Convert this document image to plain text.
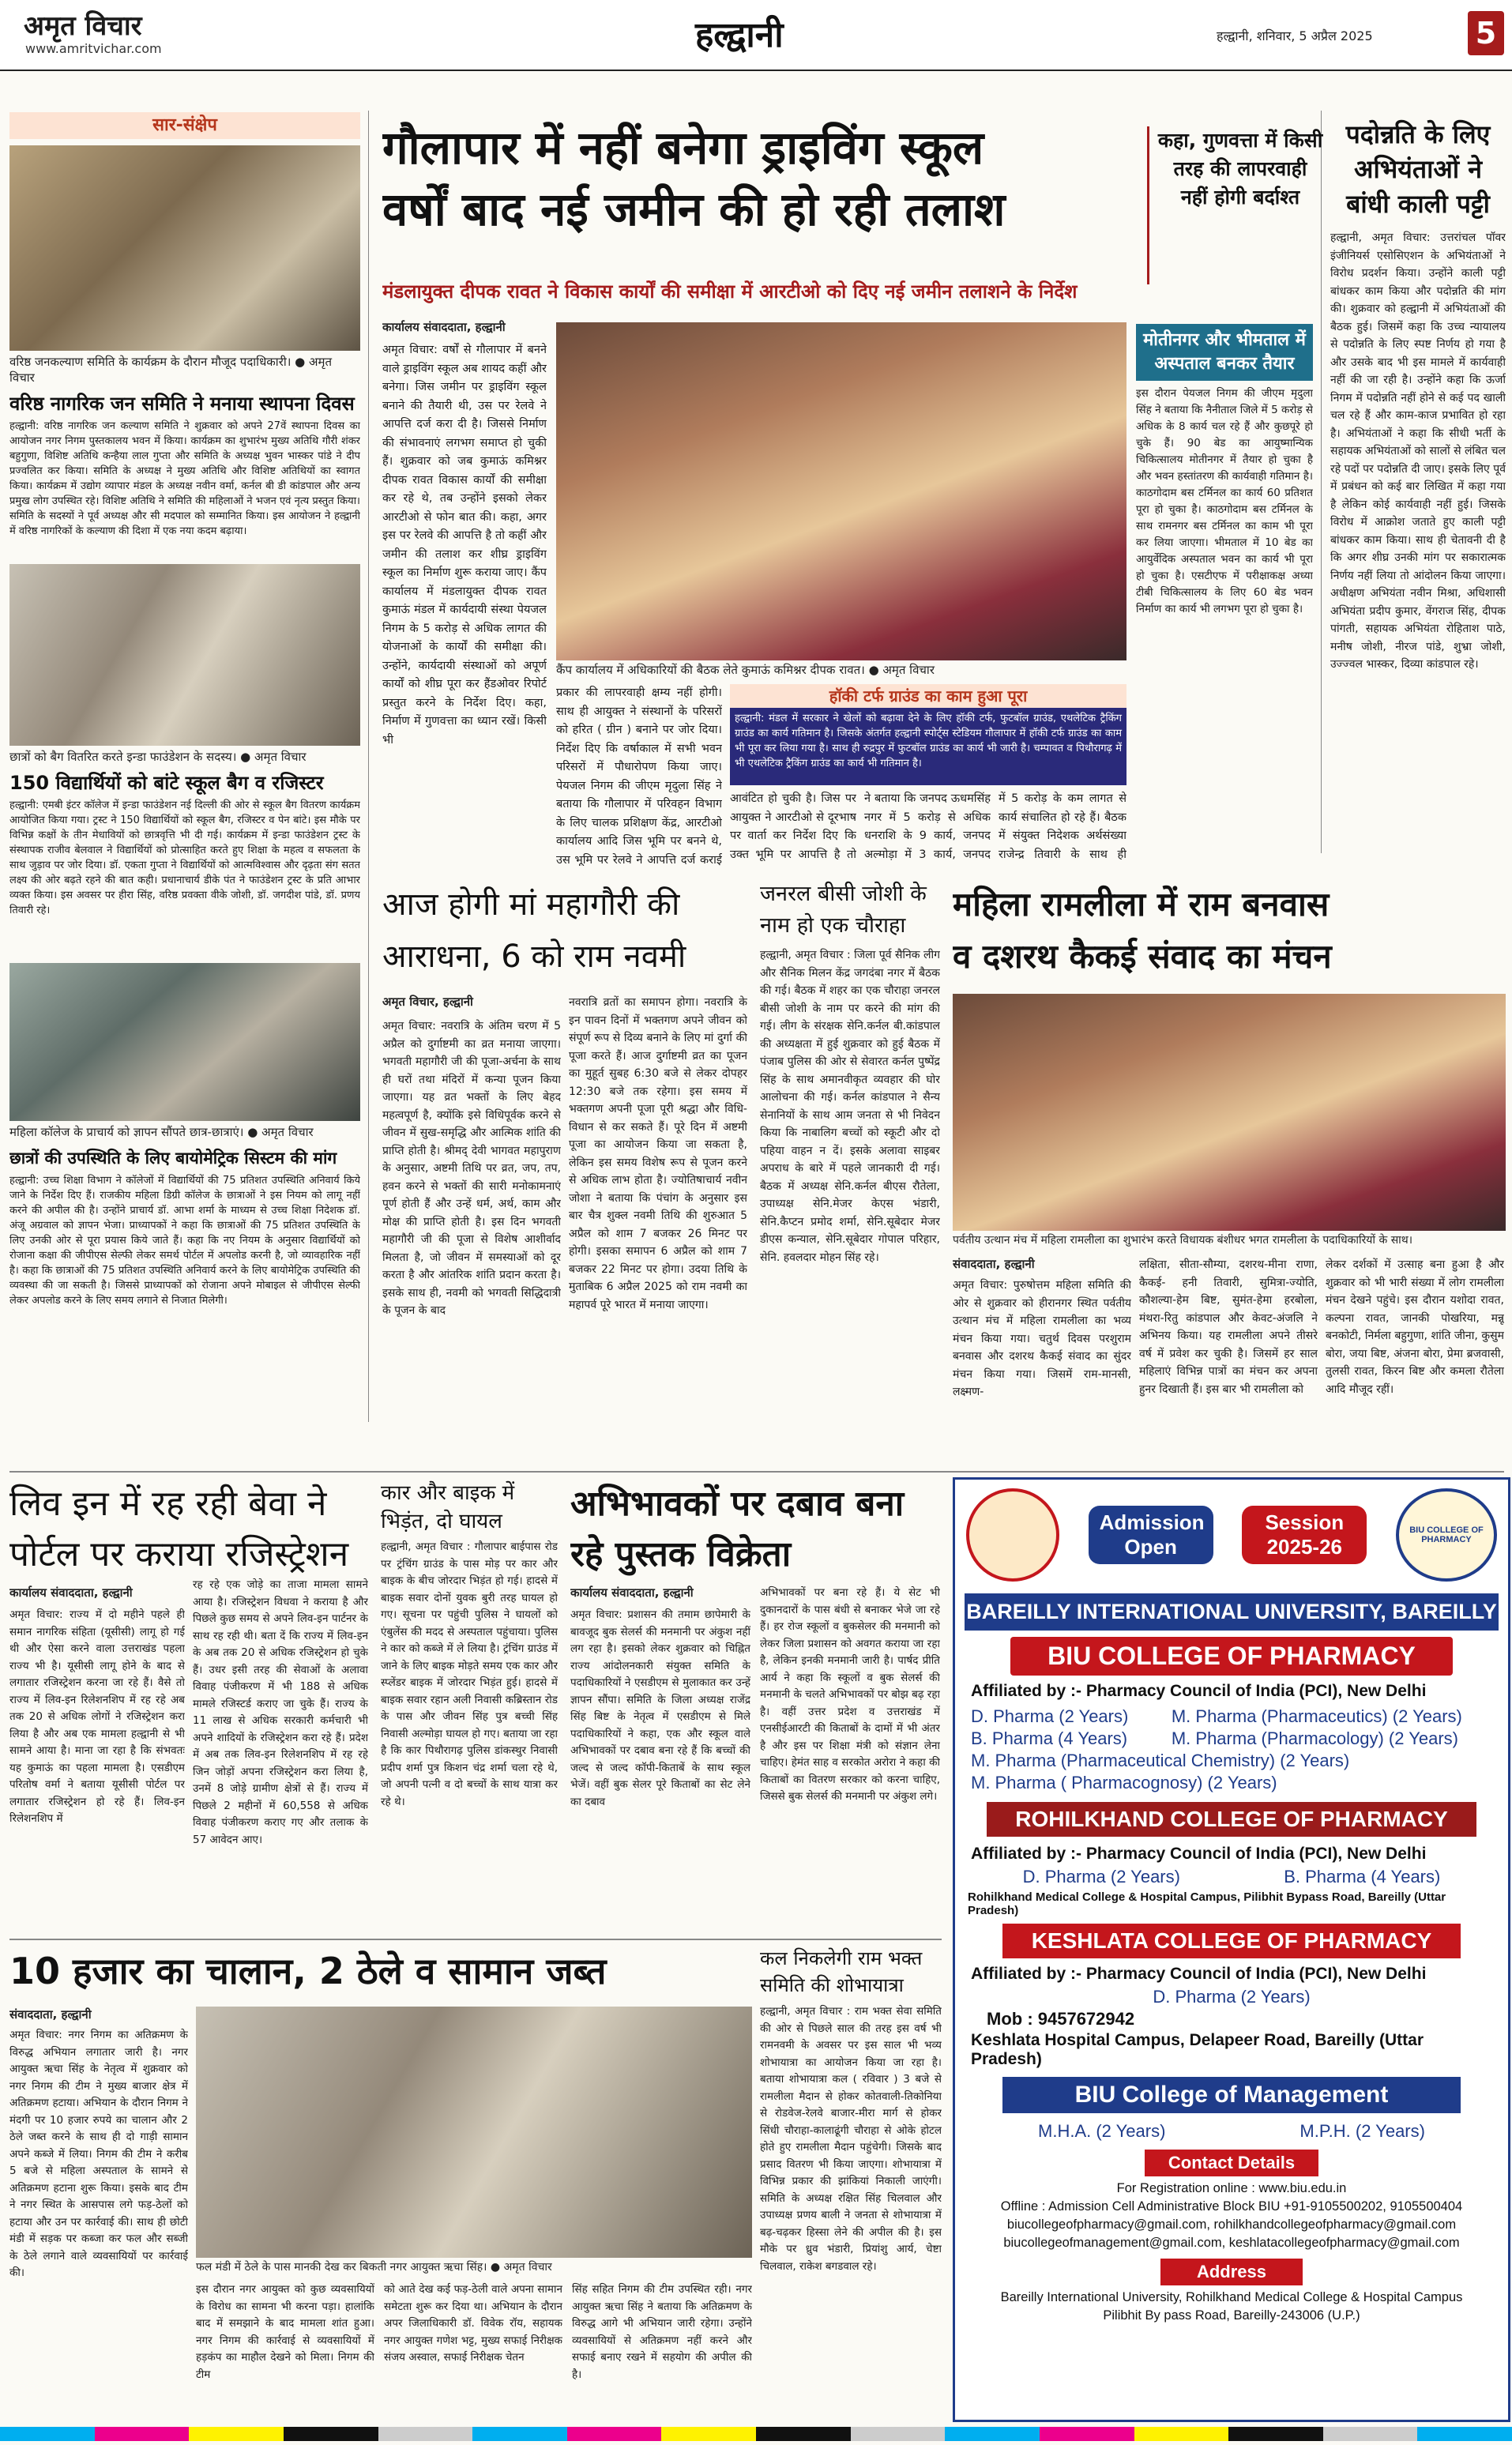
अमृत विचार
www.amritvichar.com	हल्द्वानी	हल्द्वानी, शनिवार, 5 अप्रैल 2025	5
सार-संक्षेप
वरिष्ठ जनकल्याण समिति के कार्यक्रम के दौरान मौजूद पदाधिकारी। ● अमृत विचार
वरिष्ठ नागरिक जन समिति ने मनाया स्थापना दिवस
हल्द्वानी: वरिष्ठ नागरिक जन कल्याण समिति ने शुक्रवार को अपने 27वें स्थापना दिवस का आयोजन नगर निगम पुस्तकालय भवन में किया। कार्यक्रम का शुभारंभ मुख्य अतिथि गौरी शंकर बहुगुणा, विशिष्ट अतिथि कन्हैया लाल गुप्ता और समिति के अध्यक्ष भुवन भास्कर पांडे ने दीप प्रज्वलित कर किया। समिति के अध्यक्ष ने मुख्य अतिथि और विशिष्ट अतिथियों का स्वागत किया। कार्यक्रम में उद्योग व्यापार मंडल के अध्यक्ष नवीन वर्मा, कर्नल बी डी कांडपाल और अन्य प्रमुख लोग उपस्थित रहे। विशिष्ट अतिथि ने समिति की महिलाओं ने भजन एवं नृत्य प्रस्तुत किया। समिति के सदस्यों ने पूर्व अध्यक्ष और सी मदपाल को सम्मानित किया। इस आयोजन ने हल्द्वानी में वरिष्ठ नागरिकों के कल्याण की दिशा में एक नया कदम बढ़ाया।
छात्रों को बैग वितरित करते इन्डा फाउंडेशन के सदस्य। ● अमृत विचार
150 विद्यार्थियों को बांटे स्कूल बैग व रजिस्टर
हल्द्वानी: एमबी इंटर कॉलेज में इन्डा फाउंडेशन नई दिल्ली की ओर से स्कूल बैग वितरण कार्यक्रम आयोजित किया गया। ट्रस्ट ने 150 विद्यार्थियों को स्कूल बैग, रजिस्टर व पेन बांटे। इस मौके पर विभिन्न कक्षों के तीन मेधावियों को छात्रवृत्ति भी दी गई। कार्यक्रम में इन्डा फाउंडेशन ट्रस्ट के संस्थापक राजीव बेलवाल ने विद्यार्थियों को प्रोत्साहित करते हुए शिक्षा के महत्व व सफलता के साथ जुड़ाव पर जोर दिया। डॉ. एकता गुप्ता ने विद्यार्थियों को आत्मविश्वास और दृढ़ता संग सतत लक्ष्य की ओर बढ़ते रहने की बात कही। प्रधानाचार्य डीके पंत ने फाउंडेशन ट्रस्ट के प्रति आभार व्यक्त किया। इस अवसर पर हीरा सिंह, वरिष्ठ प्रवक्ता वीके जोशी, डॉ. जगदीश पांडे, डॉ. प्रणय तिवारी रहे।
महिला कॉलेज के प्राचार्य को ज्ञापन सौंपते छात्र-छात्राएं। ● अमृत विचार
छात्रों की उपस्थिति के लिए बायोमेट्रिक सिस्टम की मांग
हल्द्वानी: उच्च शिक्षा विभाग ने कॉलेजों में विद्यार्थियों की 75 प्रतिशत उपस्थिति अनिवार्य किये जाने के निर्देश दिए हैं। राजकीय महिला डिग्री कॉलेज के छात्राओं ने इस नियम को लागू नहीं करने की अपील की है। उन्होंने प्राचार्य डॉ. आभा शर्मा के माध्यम से उच्च शिक्षा निदेशक डॉ. अंजू अग्रवाल को ज्ञापन भेजा। प्राध्यापकों ने कहा कि छात्राओं की 75 प्रतिशत उपस्थिति के लिए उनकी ओर से पूरा प्रयास किये जाते हैं। कहा कि नए नियम के अनुसार विद्यार्थियों को रोजाना कक्षा की जीपीएस सेल्फी लेकर समर्थ पोर्टल में अपलोड करनी है, जो व्यावहारिक नहीं है। कहा कि छात्राओं की 75 प्रतिशत उपस्थिति अनिवार्य करने के लिए बायोमेट्रिक उपस्थिति की व्यवस्था की जा सकती है। जिससे प्राध्यापकों को रोजाना अपने मोबाइल से जीपीएस सेल्फी लेकर अपलोड करने के लिए समय लगाने से निजात मिलेगी।
गौलापार में नहीं बनेगा ड्राइविंग स्कूल
वर्षों बाद नई जमीन की हो रही तलाश
कहा, गुणवत्ता में किसी तरह की लापरवाही नहीं होगी बर्दाश्त
मंडलायुक्त दीपक रावत ने विकास कार्यों की समीक्षा में आरटीओ को दिए नई जमीन तलाशने के निर्देश
कार्यालय संवाददाता, हल्द्वानी
अमृत विचार: वर्षों से गौलापार में बनने वाले ड्राइविंग स्कूल अब शायद कहीं और बनेगा। जिस जमीन पर ड्राइविंग स्कूल बनाने की तैयारी थी, उस पर रेलवे ने आपत्ति दर्ज करा दी है। जिससे निर्माण की संभावनाएं लगभग समाप्त हो चुकी हैं। शुक्रवार को जब कुमाऊं कमिश्नर दीपक रावत विकास कार्यों की समीक्षा कर रहे थे, तब उन्होंने इसको लेकर आरटीओ से फोन बात की। कहा, अगर इस पर रेलवे की आपत्ति है तो कहीं और जमीन की तलाश कर शीघ्र ड्राइविंग स्कूल का निर्माण शुरू कराया जाए। कैंप कार्यालय में मंडलायुक्त दीपक रावत कुमाऊं मंडल में कार्यदायी संस्था पेयजल निगम के 5 करोड़ से अधिक लागत की योजनाओं के कार्यों की समीक्षा की। उन्होंने, कार्यदायी संस्थाओं को अपूर्ण कार्यों को शीघ्र पूरा कर हैंडओवर रिपोर्ट प्रस्तुत करने के निर्देश दिए। कहा, निर्माण में गुणवत्ता का ध्यान रखें। किसी भी
कैंप कार्यालय में अधिकारियों की बैठक लेते कुमाऊं कमिश्नर दीपक रावत। ● अमृत विचार
प्रकार की लापरवाही क्षम्य नहीं होगी। साथ ही आयुक्त ने संस्थानों के परिसरों को हरित ( ग्रीन ) बनाने पर जोर दिया। निर्देश दिए कि वर्षाकाल में सभी भवन परिसरों में पौधारोपण किया जाए। पेयजल निगम की जीएम मृदुला सिंह ने बताया कि गौलापार में परिवहन विभाग के लिए चालक प्रशिक्षण केंद्र, आरटीओ कार्यालय आदि जिस भूमि पर बनने थे, उस भूमि पर रेलवे ने आपत्ति दर्ज कराई
हॉकी टर्फ ग्राउंड का काम हुआ पूरा
हल्द्वानी: मंडल में सरकार ने खेलों को बढ़ावा देने के लिए हॉकी टर्फ, फुटबॉल ग्राउंड, एथलेटिक ट्रैकिंग ग्राउंड का कार्य गतिमान है। जिसके अंतर्गत हल्द्वानी स्पोर्ट्स स्टेडियम गौलापार में हॉकी टर्फ ग्राउंड का काम भी पूरा कर लिया गया है। साथ ही रुद्रपुर में फुटबॉल ग्राउंड का कार्य भी जारी है। चम्पावत व पिथौरागढ़ में भी एथलेटिक ट्रैकिंग ग्राउंड का कार्य भी गतिमान है।
आवंटित हो चुकी है। जिस पर आयुक्त ने आरटीओ से दूरभाष पर वार्ता कर निर्देश दिए कि उक्त भूमि पर आपत्ति है तो
ने बताया कि जनपद ऊधमसिंह नगर में 5 करोड़ से अधिक धनराशि के 9 कार्य, जनपद अल्मोड़ा में 3 कार्य, जनपद
में 5 करोड़ के कम लागत से कार्य संचालित हो रहे हैं। बैठक में संयुक्त निदेशक अर्थसंख्या राजेन्द्र तिवारी के साथ ही
मोतीनगर और भीमताल में अस्पताल बनकर तैयार
इस दौरान पेयजल निगम की जीएम मृदुला सिंह ने बताया कि नैनीताल जिले में 5 करोड़ से अधिक के 8 कार्य चल रहे हैं और कुछपूरे हो चुके हैं। 90 बेड का आयुष्मान्यिक चिकित्सालय मोतीनगर में तैयार हो चुका है और भवन हस्तांतरण की कार्यवाही गतिमान है। काठगोदाम बस टर्मिनल का कार्य 60 प्रतिशत पूरा हो चुका है। काठगोदाम बस टर्मिनल के साथ रामनगर बस टर्मिनल का काम भी पूरा कर लिया जाएगा। भीमताल में 10 बेड का आयुर्वेदिक अस्पताल भवन का कार्य भी पूरा हो चुका है। एसटीएफ में परीक्षाकक्ष अध्या टीबी चिकित्सालय के लिए 60 बेड भवन निर्माण का कार्य भी लगभग पूरा हो चुका है।
पदोन्नति के लिए अभियंताओं ने बांधी काली पट्टी
हल्द्वानी, अमृत विचार: उत्तरांचल पॉवर इंजीनियर्स एसोसिएशन के अभियंताओं ने विरोध प्रदर्शन किया। उन्होंने काली पट्टी बांधकर काम किया और पदोन्नति की मांग की। शुक्रवार को हल्द्वानी में अभियंताओं की बैठक हुई। जिसमें कहा कि उच्च न्यायालय से पदोन्नति के लिए स्पष्ट निर्णय हो गया है और उसके बाद भी इस मामले में कार्यवाही नहीं की जा रही है। उन्होंने कहा कि ऊर्जा निगम में पदोन्नति नहीं होने से कई पद खाली चल रहे हैं और काम-काज प्रभावित हो रहा है। अभियंताओं ने कहा कि सीधी भर्ती के सहायक अभियंताओं को सालों से लंबित चल रहे पदों पर पदोन्नति दी जाए। इसके लिए पूर्व में प्रबंधन को कई बार लिखित में कहा गया है लेकिन कोई कार्यवाही नहीं हुई। जिसके विरोध में आक्रोश जताते हुए काली पट्टी बांधकर काम किया। साथ ही चेतावनी दी है कि अगर शीघ्र उनकी मांग पर सकारात्मक निर्णय नहीं लिया तो आंदोलन किया जाएगा। अधीक्षण अभियंता नवीन मिश्रा, अधिशासी अभियंता प्रदीप कुमार, वेंगराज सिंह, दीपक पांगती, सहायक अभियंता रोहिताश पाठे, मनीष जोशी, नीरज पांडे, शुभ्रा जोशी, उज्ज्वल भास्कर, दिव्या कांडपाल रहे।
आज होगी मां महागौरी की आराधना, 6 को राम नवमी
अमृत विचार, हल्द्वानी
अमृत विचार: नवरात्रि के अंतिम चरण में 5 अप्रैल को दुर्गाष्टमी का व्रत मनाया जाएगा। भगवती महागौरी जी की पूजा-अर्चना के साथ ही घरों तथा मंदिरों में कन्या पूजन किया जाएगा। यह व्रत भक्तों के लिए बेहद महत्वपूर्ण है, क्योंकि इसे विधिपूर्वक करने से जीवन में सुख-समृद्धि और आत्मिक शांति की प्राप्ति होती है। श्रीमद् देवी भागवत महापुराण के अनुसार, अष्टमी तिथि पर व्रत, जप, तप, हवन करने से भक्तों की सारी मनोकामनाएं पूर्ण होती हैं और उन्हें धर्म, अर्थ, काम और मोक्ष की प्राप्ति होती है। इस दिन भगवती महागौरी जी की पूजा से विशेष आशीर्वाद मिलता है, जो जीवन में समस्याओं को दूर करता है और आंतरिक शांति प्रदान करता है। इसके साथ ही, नवमी को भगवती सिद्धिदात्री के पूजन के बाद
नवरात्रि व्रतों का समापन होगा। नवरात्रि के इन पावन दिनों में भक्तगण अपने जीवन को संपूर्ण रूप से दिव्य बनाने के लिए मां दुर्गा की पूजा करते हैं। आज दुर्गाष्टमी व्रत का पूजन का मुहूर्त सुबह 6:30 बजे से लेकर दोपहर 12:30 बजे तक रहेगा। इस समय में भक्तगण अपनी पूजा पूरी श्रद्धा और विधि-विधान से कर सकते हैं। पूरे दिन में अष्टमी पूजा का आयोजन किया जा सकता है, लेकिन इस समय विशेष रूप से पूजन करने से अधिक लाभ होता है। ज्योतिषाचार्य नवीन जोशा ने बताया कि पंचांग के अनुसार इस बार चैत्र शुक्ल नवमी तिथि की शुरुआत 5 अप्रैल को शाम 7 बजकर 26 मिनट पर होगी। इसका समापन 6 अप्रैल को शाम 7 बजकर 22 मिनट पर होगा। उदया तिथि के मुताबिक 6 अप्रैल 2025 को राम नवमी का महापर्व पूरे भारत में मनाया जाएगा।
जनरल बीसी जोशी के नाम हो एक चौराहा
हल्द्वानी, अमृत विचार : जिला पूर्व सैनिक लीग और सैनिक मिलन केंद्र जगदंबा नगर में बैठक की गई। बैठक में शहर का एक चौराहा जनरल बीसी जोशी के नाम पर करने की मांग की गई। लीग के संरक्षक सेनि.कर्नल बी.कांडपाल की अध्यक्षता में हुई शुक्रवार को हुई बैठक में पंजाब पुलिस की ओर से सेवारत कर्नल पुष्पेंद्र सिंह के साथ अमानवीकृत व्यवहार की घोर आलोचना की गई। कर्नल कांडपाल ने सैन्य सेनानियों के साथ आम जनता से भी निवेदन किया कि नाबालिग बच्चों को स्कूटी और दो पहिया वाहन न दें। इसके अलावा साइबर अपराध के बारे में पहले जानकारी दी गई। बैठक में अध्यक्ष सेनि.कर्नल बीएस रौतेला, उपाध्यक्ष सेनि.मेजर केएस भंडारी, सेनि.कैप्टन प्रमोद शर्मा, सेनि.सूबेदार मेजर डीएस कन्याल, सेनि.सूबेदार गोपाल परिहार, सेनि. हवलदार मोहन सिंह रहे।
महिला रामलीला में राम बनवास
व दशरथ कैकई संवाद का मंचन
पर्वतीय उत्थान मंच में महिला रामलीला का शुभारंभ करते विधायक बंशीधर भगत रामलीला के पदाधिकारियों के साथ।
संवाददाता, हल्द्वानी
अमृत विचार: पुरुषोत्तम महिला समिति की ओर से शुक्रवार को हीरानगर स्थित पर्वतीय उत्थान मंच में महिला रामलीला का भव्य मंचन किया गया। चतुर्थ दिवस परशुराम बनवास और दशरथ कैकई संवाद का सुंदर मंचन किया गया। जिसमें राम-मानसी, लक्ष्मण-
लक्षिता, सीता-सौम्या, दशरथ-मीना राणा, कैकई- हनी तिवारी, सुमित्रा-ज्योति, कौशल्या-हेम बिष्ट, सुमंत-हेमा हरबोला, मंथरा-रितु कांडपाल और केवट-अंजलि ने अभिनय किया। यह रामलीला अपने तीसरे वर्ष में प्रवेश कर चुकी है। जिसमें हर साल महिलाएं विभिन्न पात्रों का मंचन कर अपना हुनर दिखाती हैं। इस बार भी रामलीला को
लेकर दर्शकों में उत्साह बना हुआ है और शुक्रवार को भी भारी संख्या में लोग रामलीला मंचन देखने पहुंचे। इस दौरान यशोदा रावत, कल्पना रावत, जानकी पोखरिया, मन्नू बनकोटी, निर्मला बहुगुणा, शांति जीना, कुसुम बोरा, जया बिष्ट, अंजना बोरा, प्रेमा ब्रजवासी, तुलसी रावत, किरन बिष्ट और कमला रौतेला आदि मौजूद रहीं।
लिव इन में रह रही बेवा ने पोर्टल पर कराया रजिस्ट्रेशन
कार्यालय संवाददाता, हल्द्वानी
अमृत विचार: राज्य में दो महीने पहले ही समान नागरिक संहिता (यूसीसी) लागू हो गई थी और ऐसा करने वाला उत्तराखंड पहला राज्य भी है। यूसीसी लागू होने के बाद से लगातार रजिस्ट्रेशन करना जा रहे हैं। वैसे तो राज्य में लिव-इन रिलेशनशिप में रह रहे अब तक 20 से अधिक लोगों ने रजिस्ट्रेशन करा लिया है और अब एक मामला हल्द्वानी से भी सामने आया है। माना जा रहा है कि संभवतः यह कुमाऊं का पहला मामला है। एसडीएम परितोष वर्मा ने बताया यूसीसी पोर्टल पर लगातार रजिस्ट्रेशन हो रहे हैं। लिव-इन रिलेशनशिप में
रह रहे एक जोड़े का ताजा मामला सामने आया है। रजिस्ट्रेशन विधवा ने कराया है और पिछले कुछ समय से अपने लिव-इन पार्टनर के साथ रह रही थी। बता दें कि राज्य में लिव-इन के अब तक 20 से अधिक रजिस्ट्रेशन हो चुके हैं। उधर इसी तरह की सेवाओं के अलावा विवाह पंजीकरण में भी 188 से अधिक मामले रजिस्टर्ड कराए जा चुके हैं। राज्य के 11 लाख से अधिक सरकारी कर्मचारी भी अपने शादियों के रजिस्ट्रेशन करा रहे हैं। प्रदेश में अब तक लिव-इन रिलेशनशिप में रह रहे जिन जोड़ों अपना रजिस्ट्रेशन करा लिया है, उनमें 8 जोड़े ग्रामीण क्षेत्रों से हैं। राज्य में पिछले 2 महीनों में 60,558 से अधिक विवाह पंजीकरण कराए गए और तलाक के 57 आवेदन आए।
कार और बाइक में भिड़ंत, दो घायल
हल्द्वानी, अमृत विचार : गौलापार बाईपास रोड पर ट्रंचिंग ग्राउंड के पास मोड़ पर कार और बाइक के बीच जोरदार भिड़ंत हो गई। हादसे में बाइक सवार दोनों युवक बुरी तरह घायल हो गए। सूचना पर पहुंची पुलिस ने घायलों को एंबुलेंस की मदद से अस्पताल पहुंचाया। पुलिस ने कार को कब्जे में ले लिया है। ट्रंचिंग ग्राउंड में जाने के लिए बाइक मोड़ते समय एक कार और स्प्लेंडर बाइक में जोरदार भिड़ंत हुई। हादसे में बाइक सवार रहान अली निवासी कब्रिस्तान रोड के पास और जीवन सिंह पुत्र बच्ची सिंह निवासी अल्मोड़ा घायल हो गए। बताया जा रहा है कि कार पिथौरागढ़ पुलिस डांकस्थुर निवासी प्रदीप शर्मा पुत्र किशन चंद्र शर्मा चला रहे थे, जो अपनी पत्नी व दो बच्चों के साथ यात्रा कर रहे थे।
अभिभावकों पर दबाव बना रहे पुस्तक विक्रेता
कार्यालय संवाददाता, हल्द्वानी
अमृत विचार: प्रशासन की तमाम छापेमारी के बावजूद बुक सेलर्स की मनमानी पर अंकुश नहीं लग रहा है। इसको लेकर शुक्रवार को चिह्नित राज्य आंदोलनकारी संयुक्त समिति के पदाधिकारियों ने एसडीएम से मुलाकात कर उन्हें ज्ञापन सौंपा। समिति के जिला अध्यक्ष राजेंद्र सिंह बिष्ट के नेतृत्व में एसडीएम से मिले पदाधिकारियों ने कहा, एक और स्कूल वाले अभिभावकों पर दबाव बना रहे हैं कि बच्चों की जल्द से जल्द कॉपी-किताबें के साथ स्कूल भेजें। वहीं बुक सेलर पूरे किताबों का सेट लेने का दबाव
अभिभावकों पर बना रहे हैं। ये सेट भी दुकानदारों के पास बंधी से बनाकर भेजे जा रहे हैं। हर रोज स्कूलों व बुकसेलर की मनमानी को लेकर जिला प्रशासन को अवगत कराया जा रहा है, लेकिन इनकी मनमानी जारी है। पार्षद प्रीति आर्य ने कहा कि स्कूलों व बुक सेलर्स की मनमानी के चलते अभिभावकों पर बोझ बढ़ रहा है। वहीं उत्तर प्रदेश व उत्तराखंड में एनसीईआरटी की किताबों के दामों में भी अंतर है और इस पर शिक्षा मंत्री को संज्ञान लेना चाहिए। हेमंत साह व सरकोत अरोरा ने कहा की किताबों का वितरण सरकार को करना चाहिए, जिससे बुक सेलर्स की मनमानी पर अंकुश लगे।
Admission Open
Session 2025-26
BIU COLLEGE OF PHARMACY
BAREILLY INTERNATIONAL UNIVERSITY, BAREILLY
BIU COLLEGE OF PHARMACY
Affiliated by :- Pharmacy Council of India (PCI), New Delhi
D. Pharma (2 Years)	M. Pharma (Pharmaceutics) (2 Years)
B. Pharma (4 Years)	M. Pharma (Pharmacology) (2 Years)
M. Pharma (Pharmaceutical Chemistry) (2 Years)
M. Pharma ( Pharmacognosy) (2 Years)
ROHILKHAND COLLEGE OF PHARMACY
Affiliated by :- Pharmacy Council of India (PCI), New Delhi
D. Pharma (2 Years)	B. Pharma (4 Years)
Rohilkhand Medical College & Hospital Campus, Pilibhit Bypass Road, Bareilly (Uttar Pradesh)
KESHLATA COLLEGE OF PHARMACY
Affiliated by :- Pharmacy Council of India (PCI), New Delhi
D. Pharma (2 Years)
Mob : 9457672942
Keshlata Hospital Campus, Delapeer Road, Bareilly (Uttar Pradesh)
BIU College of Management
M.H.A. (2 Years)	M.P.H. (2 Years)
Contact Details
For Registration online : www.biu.edu.in
Offline : Admission Cell Administrative Block BIU +91-9105500202, 9105500404
biucollegeofpharmacy@gmail.com, rohilkhandcollegeofpharmacy@gmail.com
biucollegeofmanagement@gmail.com, keshlatacollegeofpharmacy@gmail.com
Address
Bareilly International University, Rohilkhand Medical College & Hospital Campus
Pilibhit By pass Road, Bareilly-243006 (U.P.)
10 हजार का चालान, 2 ठेले व सामान जब्त
संवाददाता, हल्द्वानी
अमृत विचार: नगर निगम का अतिक्रमण के विरुद्ध अभियान लगातार जारी है। नगर आयुक्त ऋचा सिंह के नेतृत्व में शुक्रवार को नगर निगम की टीम ने मुख्य बाजार क्षेत्र में अतिक्रमण हटाया। अभियान के दौरान निगम ने मंदगी पर 10 हजार रुपये का चालान और 2 ठेले जब्त करने के साथ ही दो गाड़ी सामान अपने कब्जे में लिया। निगम की टीम ने करीब 5 बजे से महिला अस्पताल के सामने से अतिक्रमण हटाना शुरू किया। इसके बाद टीम ने नगर स्थित के आसपास लगे फड़-ठेलों को हटाया और उन पर कार्रवाई की। साथ ही छोटी मंडी में सड़क पर कब्जा कर फल और सब्जी के ठेले लगाने वाले व्यवसायियों पर कार्रवाई की।	फल मंडी में ठेले के पास मानकी देख कर बिकती नगर आयुक्त ऋचा सिंह। ● अमृत विचार
इस दौरान नगर आयुक्त को कुछ व्यवसायियों के विरोध का सामना भी करना पड़ा। हालांकि बाद में समझाने के बाद मामला शांत हुआ। नगर निगम की कार्रवाई से व्यवसायियों में हड़कंप का माहौल देखने को मिला। निगम की टीम
को आते देख कई फड़-ठेली वाले अपना सामान समेटता शुरू कर दिया था। अभियान के दौरान अपर जिलाधिकारी डॉ. विवेक रॉय, सहायक नगर आयुक्त गणेश भट्ट, मुख्य सफाई निरीक्षक संजय अस्वाल, सफाई निरीक्षक चेतन
सिंह सहित निगम की टीम उपस्थित रही। नगर आयुक्त ऋचा सिंह ने बताया कि अतिक्रमण के विरुद्ध आगे भी अभियान जारी रहेगा। उन्होंने व्यवसायियों से अतिक्रमण नहीं करने और सफाई बनाए रखने में सहयोग की अपील की है।
कल निकलेगी राम भक्त समिति की शोभायात्रा
हल्द्वानी, अमृत विचार : राम भक्त सेवा समिति की ओर से पिछले साल की तरह इस वर्ष भी रामनवमी के अवसर पर इस साल भी भव्य शोभायात्रा का आयोजन किया जा रहा है। बताया शोभायात्रा कल ( रविवार ) 3 बजे से रामलीला मैदान से होकर कोतवाली-तिकोनिया से रोडवेज-रेलवे बाजार-मीरा मार्ग से होकर सिंधी चौराहा-कालाढूंगी चौराहा से ओके होटल होते हुए रामलीला मैदान पहुंचेगी। जिसके बाद प्रसाद वितरण भी किया जाएगा। शोभायात्रा में विभिन्न प्रकार की झांकियां निकाली जाएंगी। समिति के अध्यक्ष रक्षित सिंह चिलवाल और उपाध्यक्ष प्रणय बाली ने जनता से शोभायात्रा में बढ़-चढ़कर हिस्सा लेने की अपील की है। इस मौके पर ध्रुव भंडारी, प्रियांशु आर्य, चेष्टा चिलवाल, राकेश बगडवाल रहे।
